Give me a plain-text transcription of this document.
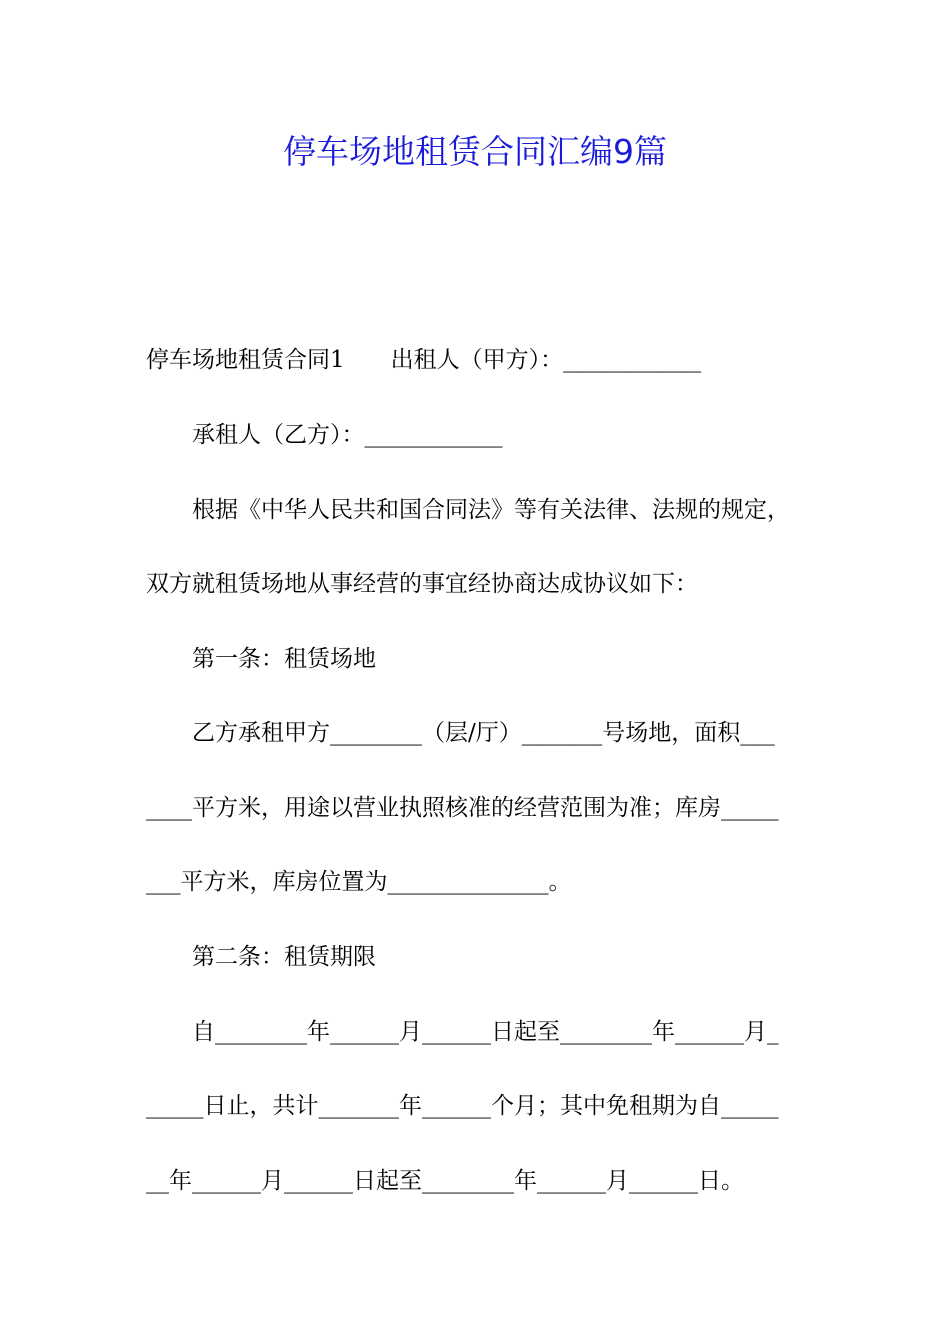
停车场地租赁合同汇编9篇
停车场地租赁合同1　　出租人（甲方）：____________
　　承租人（乙方）：____________
　　根据《中华人民共和国合同法》等有关法律、法规的规定，
双方就租赁场地从事经营的事宜经协商达成协议如下：
　　第一条：租赁场地
　　乙方承租甲方________（层/厅）_______号场地，面积___
____平方米，用途以营业执照核准的经营范围为准；库房_____
___平方米，库房位置为______________。
　　第二条：租赁期限
　　自________年______月______日起至________年______月_
_____日止，共计_______年______个月；其中免租期为自_____
__年______月______日起至________年______月______日。
